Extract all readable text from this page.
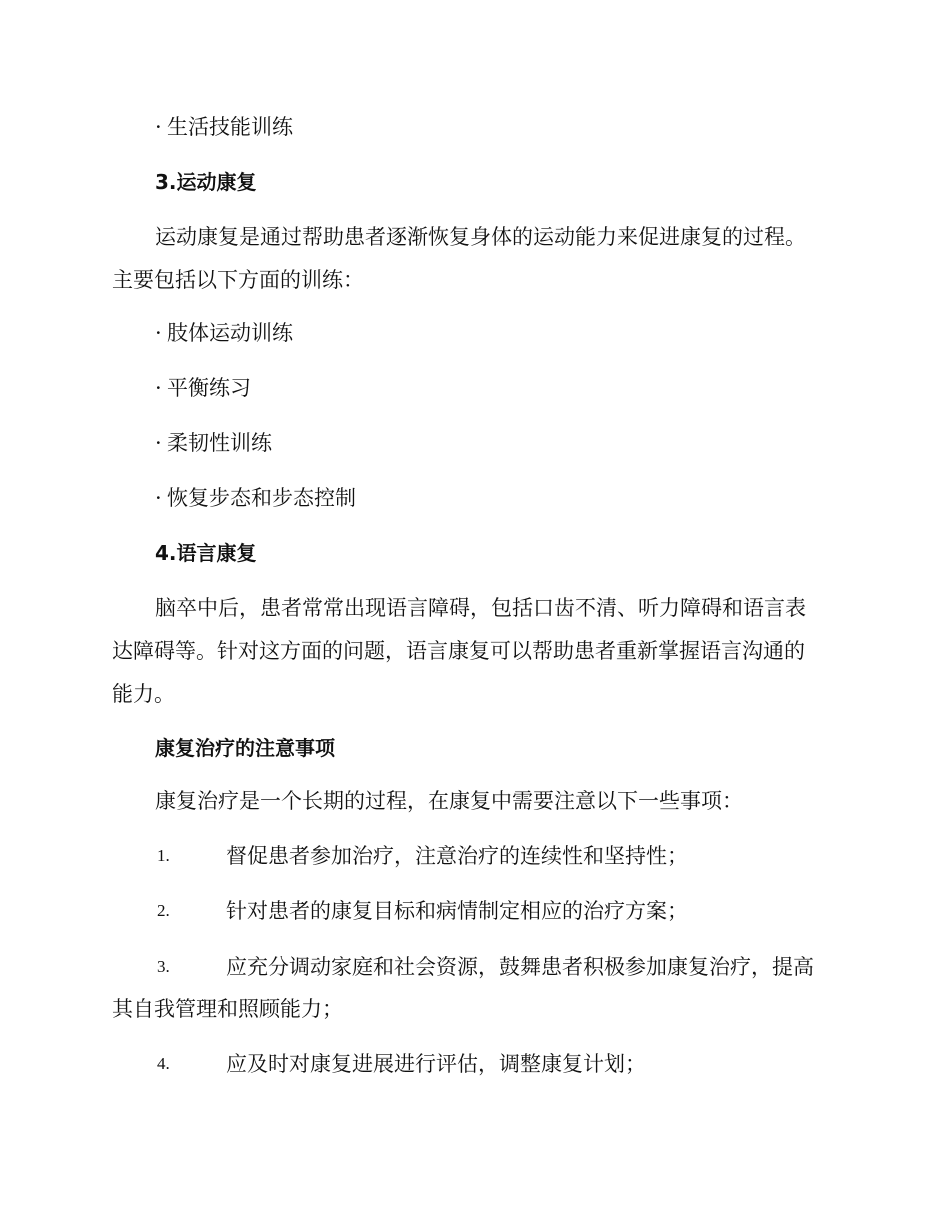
· 生活技能训练
3.运动康复
运动康复是通过帮助患者逐渐恢复身体的运动能力来促进康复的过程。
主要包括以下方面的训练：
· 肢体运动训练
· 平衡练习
· 柔韧性训练
· 恢复步态和步态控制
4.语言康复
脑卒中后，患者常常出现语言障碍，包括口齿不清、听力障碍和语言表
达障碍等。针对这方面的问题，语言康复可以帮助患者重新掌握语言沟通的
能力。
康复治疗的注意事项
康复治疗是一个长期的过程，在康复中需要注意以下一些事项：
1.	督促患者参加治疗，注意治疗的连续性和坚持性；
2.	针对患者的康复目标和病情制定相应的治疗方案；
3.	应充分调动家庭和社会资源，鼓舞患者积极参加康复治疗，提高
其自我管理和照顾能力；
4.	应及时对康复进展进行评估，调整康复计划；
